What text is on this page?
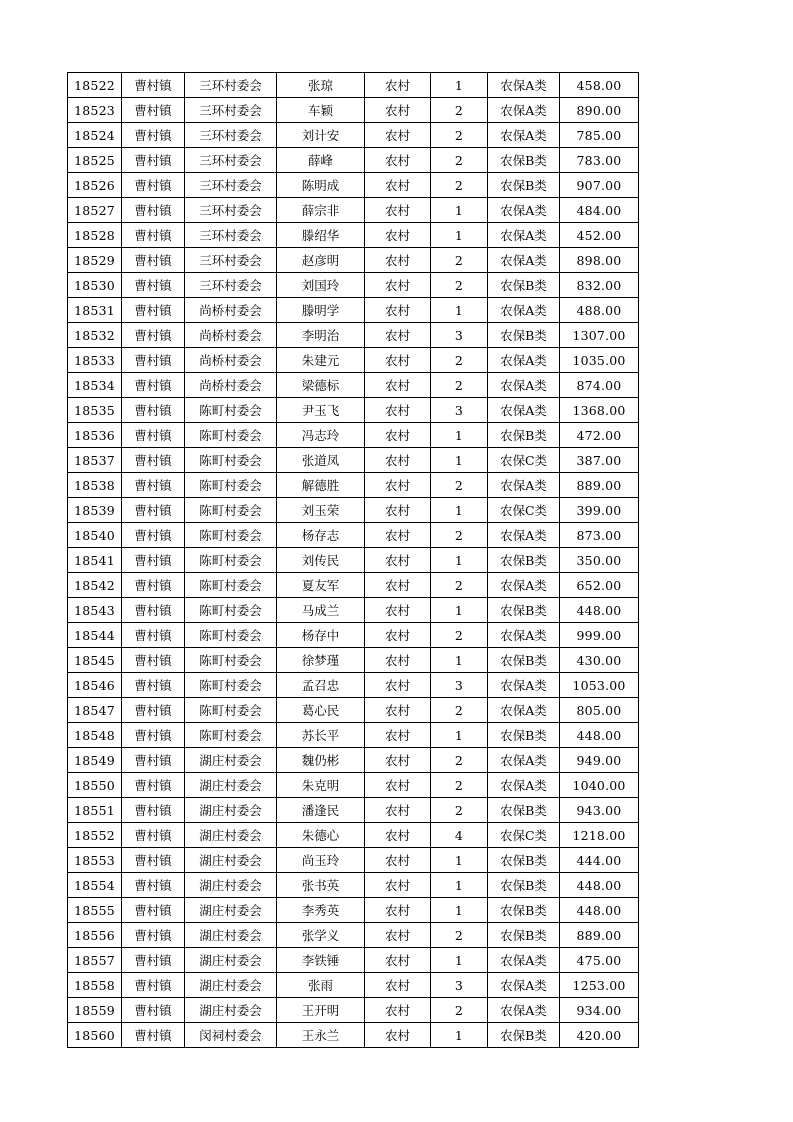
18522	曹村镇	三环村委会	张琼	农村	1	农保A类	458.00
18523	曹村镇	三环村委会	车颖	农村	2	农保A类	890.00
18524	曹村镇	三环村委会	刘计安	农村	2	农保A类	785.00
18525	曹村镇	三环村委会	薛峰	农村	2	农保B类	783.00
18526	曹村镇	三环村委会	陈明成	农村	2	农保B类	907.00
18527	曹村镇	三环村委会	薛宗非	农村	1	农保A类	484.00
18528	曹村镇	三环村委会	滕绍华	农村	1	农保A类	452.00
18529	曹村镇	三环村委会	赵彦明	农村	2	农保A类	898.00
18530	曹村镇	三环村委会	刘国玲	农村	2	农保B类	832.00
18531	曹村镇	尚桥村委会	滕明学	农村	1	农保A类	488.00
18532	曹村镇	尚桥村委会	李明治	农村	3	农保B类	1307.00
18533	曹村镇	尚桥村委会	朱建元	农村	2	农保A类	1035.00
18534	曹村镇	尚桥村委会	梁德标	农村	2	农保A类	874.00
18535	曹村镇	陈町村委会	尹玉飞	农村	3	农保A类	1368.00
18536	曹村镇	陈町村委会	冯志玲	农村	1	农保B类	472.00
18537	曹村镇	陈町村委会	张道凤	农村	1	农保C类	387.00
18538	曹村镇	陈町村委会	解德胜	农村	2	农保A类	889.00
18539	曹村镇	陈町村委会	刘玉荣	农村	1	农保C类	399.00
18540	曹村镇	陈町村委会	杨存志	农村	2	农保A类	873.00
18541	曹村镇	陈町村委会	刘传民	农村	1	农保B类	350.00
18542	曹村镇	陈町村委会	夏友军	农村	2	农保A类	652.00
18543	曹村镇	陈町村委会	马成兰	农村	1	农保B类	448.00
18544	曹村镇	陈町村委会	杨存中	农村	2	农保A类	999.00
18545	曹村镇	陈町村委会	徐梦瑾	农村	1	农保B类	430.00
18546	曹村镇	陈町村委会	孟召忠	农村	3	农保A类	1053.00
18547	曹村镇	陈町村委会	葛心民	农村	2	农保A类	805.00
18548	曹村镇	陈町村委会	苏长平	农村	1	农保B类	448.00
18549	曹村镇	湖庄村委会	魏仍彬	农村	2	农保A类	949.00
18550	曹村镇	湖庄村委会	朱克明	农村	2	农保A类	1040.00
18551	曹村镇	湖庄村委会	潘逢民	农村	2	农保B类	943.00
18552	曹村镇	湖庄村委会	朱德心	农村	4	农保C类	1218.00
18553	曹村镇	湖庄村委会	尚玉玲	农村	1	农保B类	444.00
18554	曹村镇	湖庄村委会	张书英	农村	1	农保B类	448.00
18555	曹村镇	湖庄村委会	李秀英	农村	1	农保B类	448.00
18556	曹村镇	湖庄村委会	张学义	农村	2	农保B类	889.00
18557	曹村镇	湖庄村委会	李铁锤	农村	1	农保A类	475.00
18558	曹村镇	湖庄村委会	张雨	农村	3	农保A类	1253.00
18559	曹村镇	湖庄村委会	王开明	农村	2	农保A类	934.00
18560	曹村镇	闵祠村委会	王永兰	农村	1	农保B类	420.00
